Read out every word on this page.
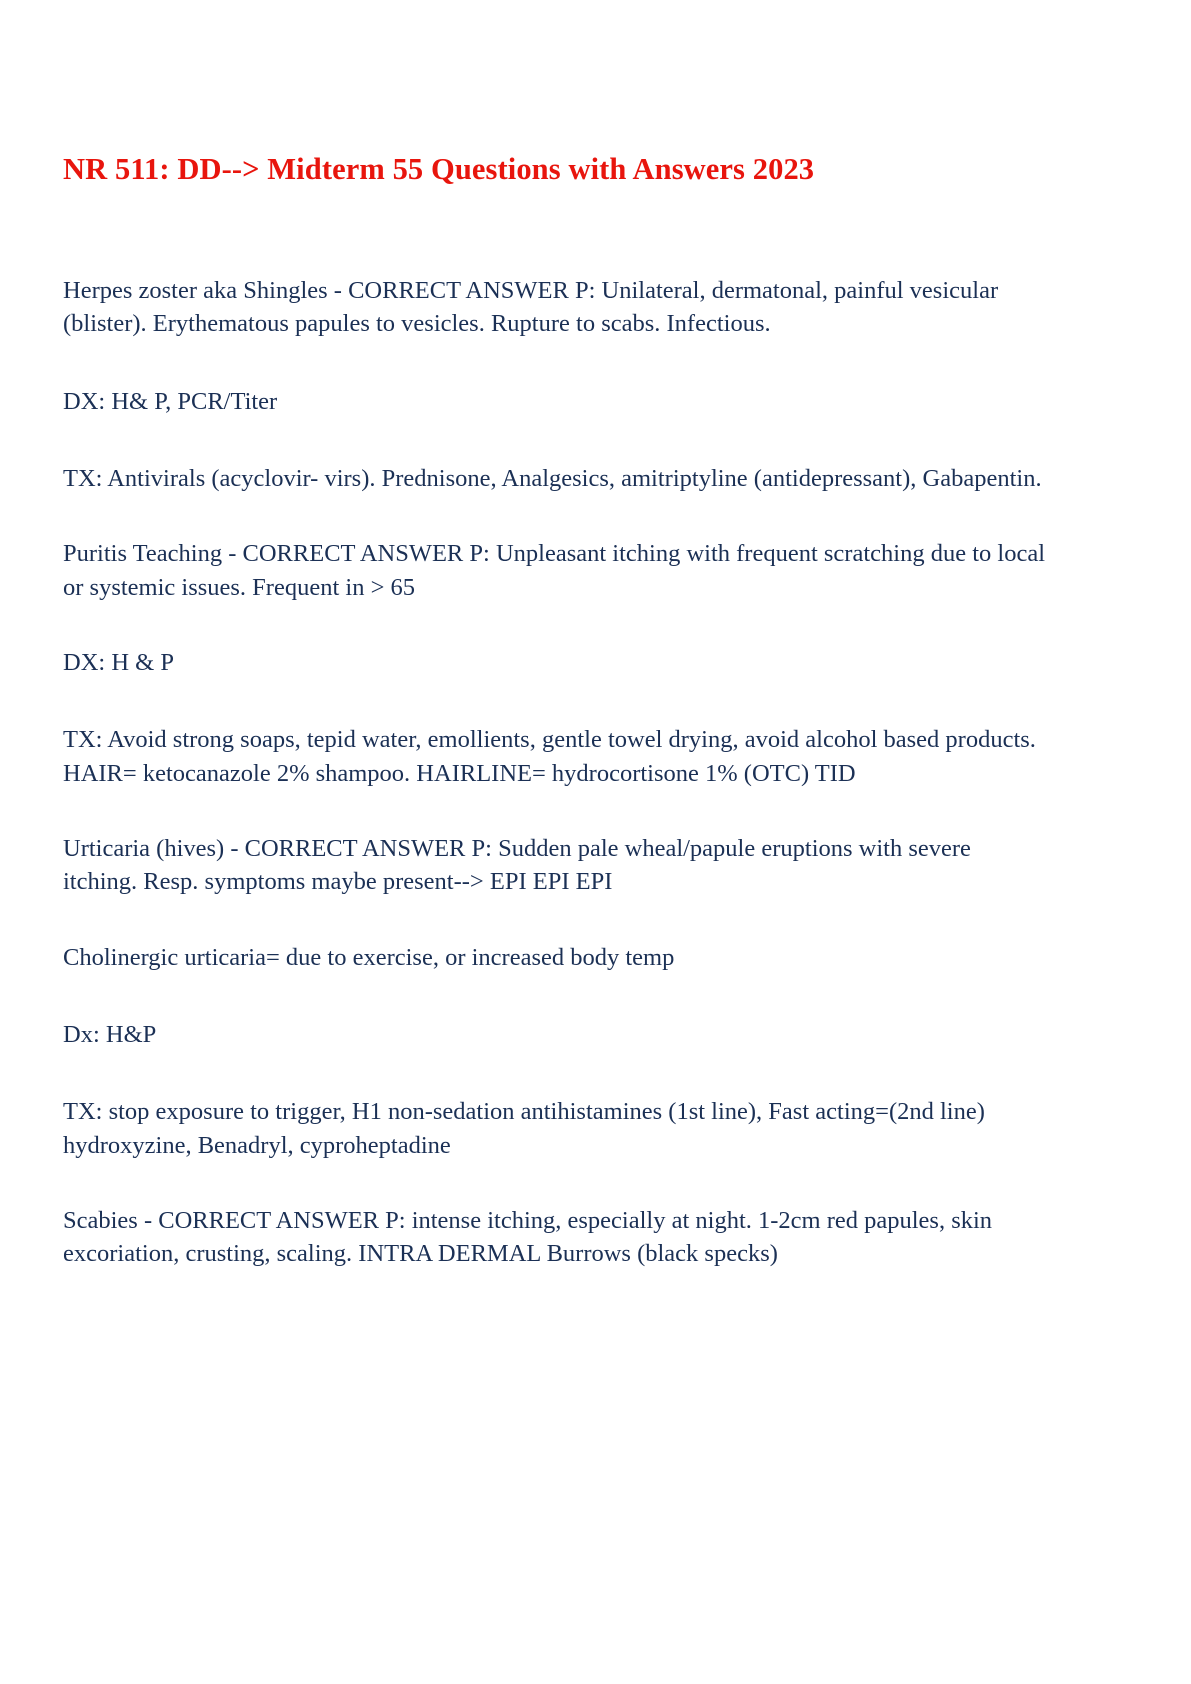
NR 511: DD--> Midterm 55 Questions with Answers 2023

Herpes zoster aka Shingles - CORRECT ANSWER P: Unilateral, dermatonal, painful vesicular (blister). Erythematous papules to vesicles. Rupture to scabs. Infectious.

DX: H& P, PCR/Titer

TX: Antivirals (acyclovir- virs). Prednisone, Analgesics, amitriptyline (antidepressant), Gabapentin.

Puritis Teaching - CORRECT ANSWER P: Unpleasant itching with frequent scratching due to local or systemic issues. Frequent in > 65

DX: H & P

TX: Avoid strong soaps, tepid water, emollients, gentle towel drying, avoid alcohol based products. HAIR= ketocanazole 2% shampoo. HAIRLINE= hydrocortisone 1% (OTC) TID

Urticaria (hives) - CORRECT ANSWER P: Sudden pale wheal/papule eruptions with severe itching. Resp. symptoms maybe present--> EPI EPI EPI

Cholinergic urticaria= due to exercise, or increased body temp

Dx: H&P

TX: stop exposure to trigger, H1 non-sedation antihistamines (1st line), Fast acting=(2nd line) hydroxyzine, Benadryl, cyproheptadine

Scabies - CORRECT ANSWER P: intense itching, especially at night. 1-2cm red papules, skin excoriation, crusting, scaling. INTRA DERMAL Burrows (black specks)
